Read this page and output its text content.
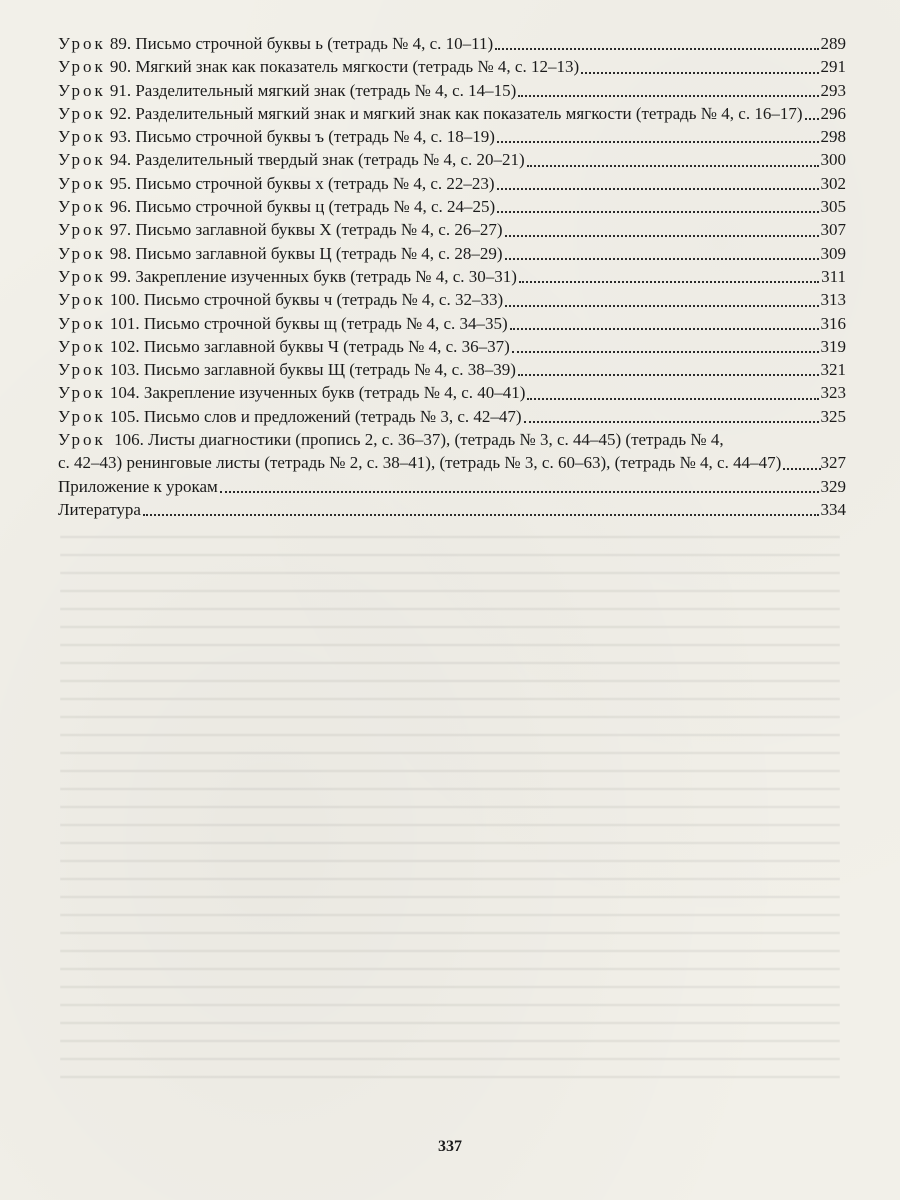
Урок 89. Письмо строчной буквы ь (тетрадь № 4, с. 10–11)	289
Урок 90. Мягкий знак как показатель мягкости (тетрадь № 4, с. 12–13)	291
Урок 91. Разделительный мягкий знак (тетрадь № 4, с. 14–15)	293
Урок 92. Разделительный мягкий знак и мягкий знак как показатель мягкости (тетрадь № 4, с. 16–17) 296
Урок 93. Письмо строчной буквы ъ (тетрадь № 4, с. 18–19)	298
Урок 94. Разделительный твердый знак (тетрадь № 4, с. 20–21)	300
Урок 95. Письмо строчной буквы х (тетрадь № 4, с. 22–23)	302
Урок 96. Письмо строчной буквы ц (тетрадь № 4, с. 24–25)	305
Урок 97. Письмо заглавной буквы Х (тетрадь № 4, с. 26–27)	307
Урок 98. Письмо заглавной буквы Ц (тетрадь № 4, с. 28–29)	309
Урок 99. Закрепление изученных букв (тетрадь № 4, с. 30–31)	311
Урок 100. Письмо строчной буквы ч (тетрадь № 4, с. 32–33)	313
Урок 101. Письмо строчной буквы щ (тетрадь № 4, с. 34–35)	316
Урок 102. Письмо заглавной буквы Ч (тетрадь № 4, с. 36–37)	319
Урок 103. Письмо заглавной буквы Щ (тетрадь № 4, с. 38–39)	321
Урок 104. Закрепление изученных букв (тетрадь № 4, с. 40–41)	323
Урок 105. Письмо слов и предложений (тетрадь № 3, с. 42–47)	325
Урок 106. Листы диагностики (пропись 2, с. 36–37), (тетрадь № 3, с. 44–45) (тетрадь № 4,
с. 42–43) ренинговые листы (тетрадь № 2, с. 38–41), (тетрадь № 3, с. 60–63), (тетрадь № 4, с. 44–47) 327
Приложение к урокам	329
Литература	334
337
